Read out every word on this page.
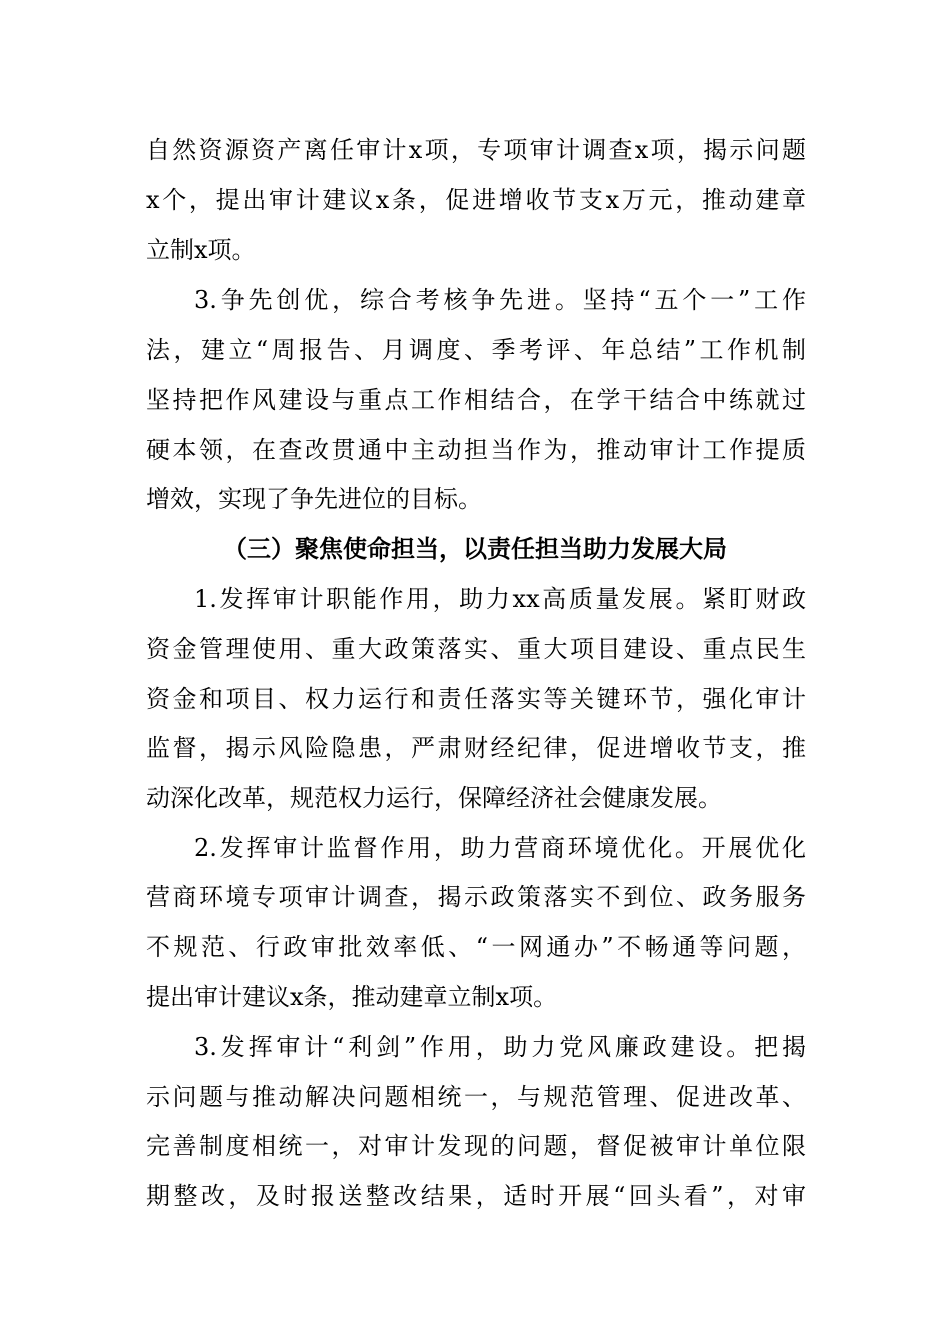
自然资源资产离任审计x项，专项审计调查x项，揭示问题
x个，提出审计建议x条，促进增收节支x万元，推动建章
立制x项。
3.争先创优，综合考核争先进。坚持“五个一”工作
法，建立“周报告、月调度、季考评、年总结”工作机制
坚持把作风建设与重点工作相结合，在学干结合中练就过
硬本领，在查改贯通中主动担当作为，推动审计工作提质
增效，实现了争先进位的目标。
（三）聚焦使命担当，以责任担当助力发展大局
1.发挥审计职能作用，助力xx高质量发展。紧盯财政
资金管理使用、重大政策落实、重大项目建设、重点民生
资金和项目、权力运行和责任落实等关键环节，强化审计
监督，揭示风险隐患，严肃财经纪律，促进增收节支，推
动深化改革，规范权力运行，保障经济社会健康发展。
2.发挥审计监督作用，助力营商环境优化。开展优化
营商环境专项审计调查，揭示政策落实不到位、政务服务
不规范、行政审批效率低、“一网通办”不畅通等问题，
提出审计建议x条，推动建章立制x项。
3.发挥审计“利剑”作用，助力党风廉政建设。把揭
示问题与推动解决问题相统一，与规范管理、促进改革、
完善制度相统一，对审计发现的问题，督促被审计单位限
期整改，及时报送整改结果，适时开展“回头看”，对审
